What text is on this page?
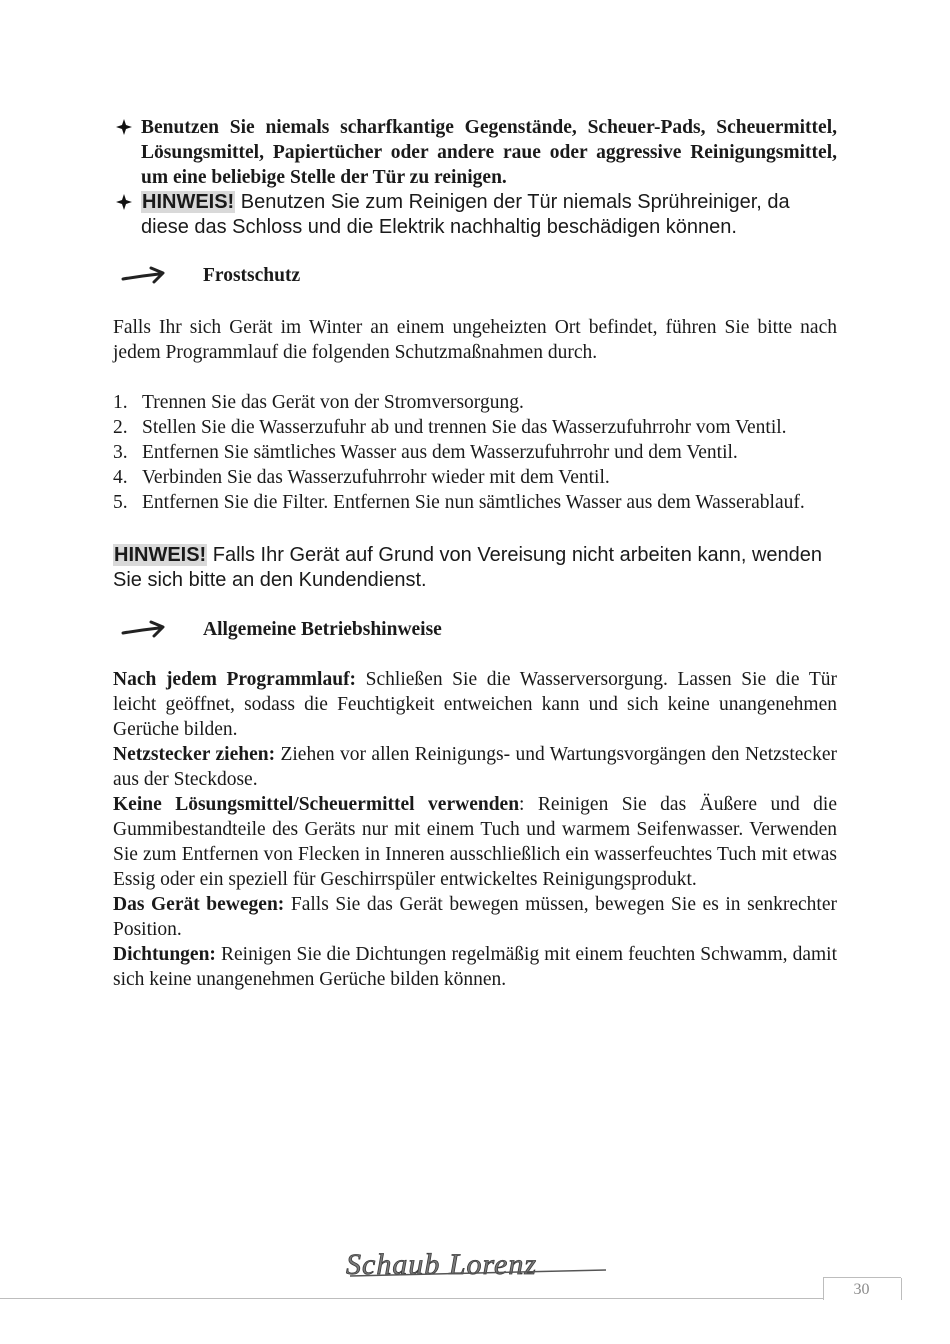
Benutzen Sie niemals scharfkantige Gegenstände, Scheuer-Pads, Scheuermittel, Lösungsmittel, Papiertücher oder andere raue oder aggressive Reinigungsmittel, um eine beliebige Stelle der Tür zu reinigen.
HINWEIS! Benutzen Sie zum Reinigen der Tür niemals Sprühreiniger, da diese das Schloss und die Elektrik nachhaltig beschädigen können.
Frostschutz

Falls Ihr sich Gerät im Winter an einem ungeheizten Ort befindet, führen Sie bitte nach jedem Programmlauf die folgenden Schutzmaßnahmen durch.

1. Trennen Sie das Gerät von der Stromversorgung.
2. Stellen Sie die Wasserzufuhr ab und trennen Sie das Wasserzufuhrrohr vom Ventil.
3. Entfernen Sie sämtliches Wasser aus dem Wasserzufuhrrohr und dem Ventil.
4. Verbinden Sie das Wasserzufuhrrohr wieder mit dem Ventil.
5. Entfernen Sie die Filter. Entfernen Sie nun sämtliches Wasser aus dem Wasserablauf.

HINWEIS! Falls Ihr Gerät auf Grund von Vereisung nicht arbeiten kann, wenden Sie sich bitte an den Kundendienst.

Allgemeine Betriebshinweise

Nach jedem Programmlauf: Schließen Sie die Wasserversorgung. Lassen Sie die Tür leicht geöffnet, sodass die Feuchtigkeit entweichen kann und sich keine unangenehmen Gerüche bilden.

Netzstecker ziehen: Ziehen vor allen Reinigungs- und Wartungsvorgängen den Netzstecker aus der Steckdose.

Keine Lösungsmittel/Scheuermittel verwenden: Reinigen Sie das Äußere und die Gummibestandteile des Geräts nur mit einem Tuch und warmem Seifenwasser. Verwenden Sie zum Entfernen von Flecken in Inneren ausschließlich ein wasserfeuchtes Tuch mit etwas Essig oder ein speziell für Geschirrspüler entwickeltes Reinigungsprodukt.

Das Gerät bewegen: Falls Sie das Gerät bewegen müssen, bewegen Sie es in senkrechter Position.

Dichtungen: Reinigen Sie die Dichtungen regelmäßig mit einem feuchten Schwamm, damit sich keine unangenehmen Gerüche bilden können.

Schaub Lorenz
30
